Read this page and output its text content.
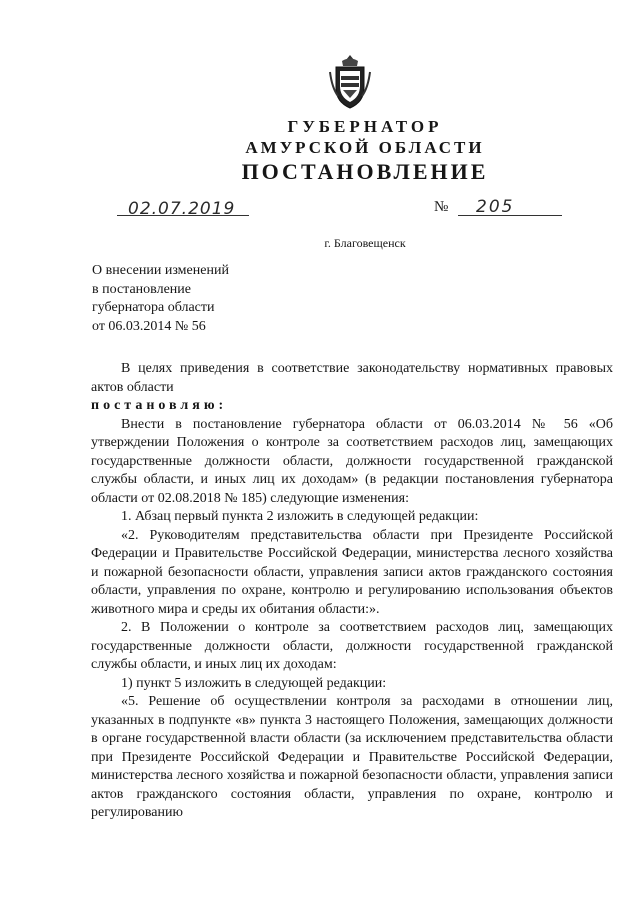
ГУБЕРНАТОР
АМУРСКОЙ ОБЛАСТИ
ПОСТАНОВЛЕНИЕ
02.07.2019	№ 205
г. Благовещенск
О внесении изменений
в постановление
губернатора области
от 06.03.2014 № 56

В целях приведения в соответствие законодательству нормативных правовых актов области

постановляю:

Внести в постановление губернатора области от 06.03.2014 № 56 «Об утверждении Положения о контроле за соответствием расходов лиц, замещающих государственные должности области, должности государственной гражданской службы области, и иных лиц их доходам» (в редакции постановления губернатора области от 02.08.2018 № 185) следующие изменения:

1. Абзац первый пункта 2 изложить в следующей редакции:

«2. Руководителям представительства области при Президенте Российской Федерации и Правительстве Российской Федерации, министерства лесного хозяйства и пожарной безопасности области, управления записи актов гражданского состояния области, управления по охране, контролю и регулированию использования объектов животного мира и среды их обитания области:».

2. В Положении о контроле за соответствием расходов лиц, замещающих государственные должности области, должности государственной гражданской службы области, и иных лиц их доходам:

1) пункт 5 изложить в следующей редакции:

«5. Решение об осуществлении контроля за расходами в отношении лиц, указанных в подпункте «в» пункта 3 настоящего Положения, замещающих должности в органе государственной власти области (за исключением представительства области при Президенте Российской Федерации и Правительстве Российской Федерации, министерства лесного хозяйства и пожарной безопасности области, управления записи актов гражданского состояния области, управления по охране, контролю и регулированию
